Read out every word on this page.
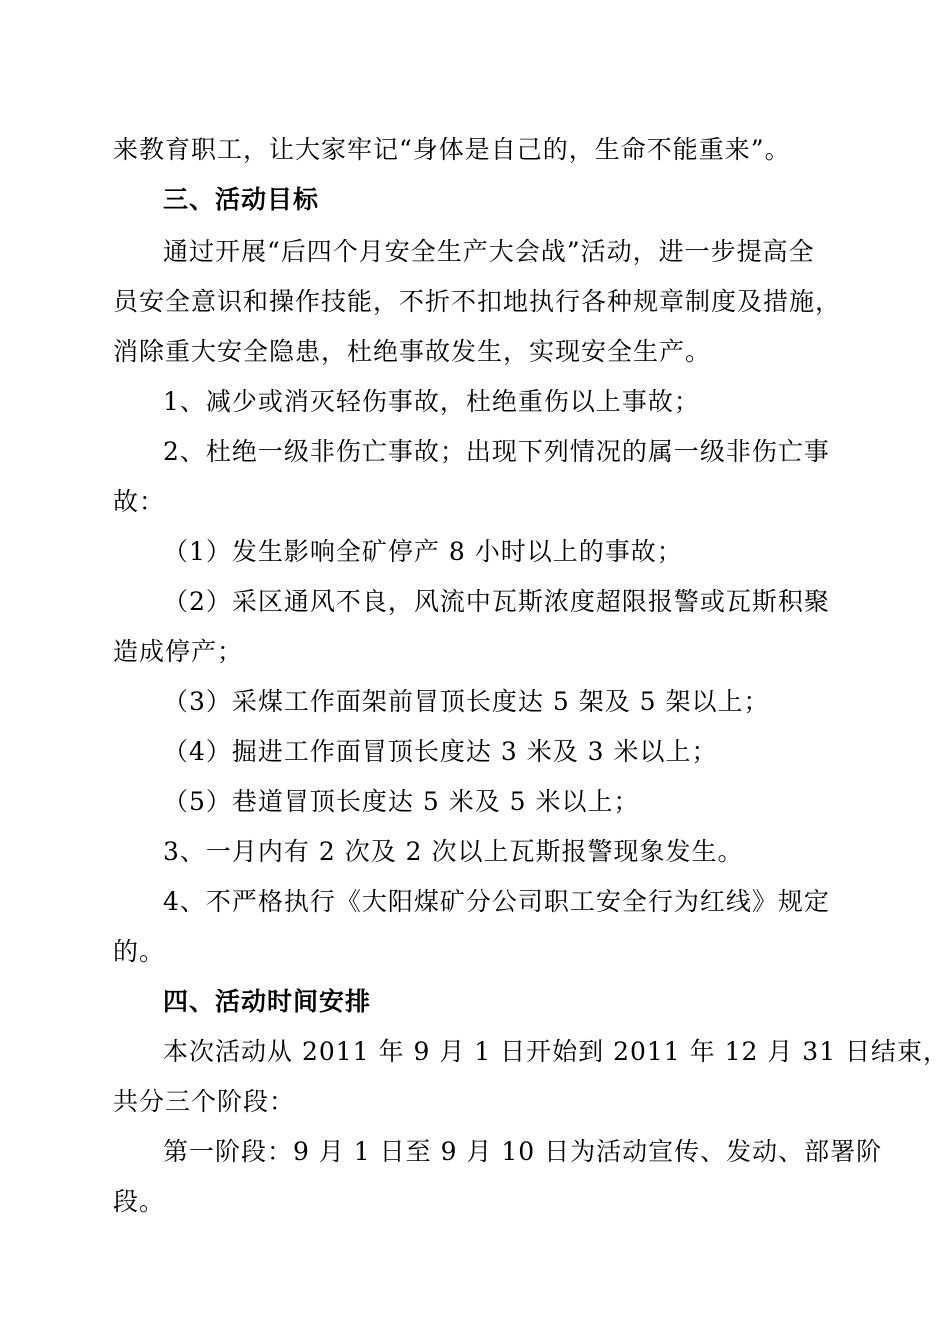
来教育职工，让大家牢记“身体是自己的，生命不能重来”。
三、活动目标
通过开展“后四个月安全生产大会战”活动，进一步提高全
员安全意识和操作技能，不折不扣地执行各种规章制度及措施，
消除重大安全隐患，杜绝事故发生，实现安全生产。
1、减少或消灭轻伤事故，杜绝重伤以上事故；
2、杜绝一级非伤亡事故；出现下列情况的属一级非伤亡事
故：
（1）发生影响全矿停产 8 小时以上的事故；
（2）采区通风不良，风流中瓦斯浓度超限报警或瓦斯积聚
造成停产；
（3）采煤工作面架前冒顶长度达 5 架及 5 架以上；
（4）掘进工作面冒顶长度达 3 米及 3 米以上；
（5）巷道冒顶长度达 5 米及 5 米以上；
3、一月内有 2 次及 2 次以上瓦斯报警现象发生。
4、不严格执行《大阳煤矿分公司职工安全行为红线》规定
的。
四、活动时间安排
本次活动从 2011 年 9 月 1 日开始到 2011 年 12 月 31 日结束，
共分三个阶段：
第一阶段：9 月 1 日至 9 月 10 日为活动宣传、发动、部署阶
段。
